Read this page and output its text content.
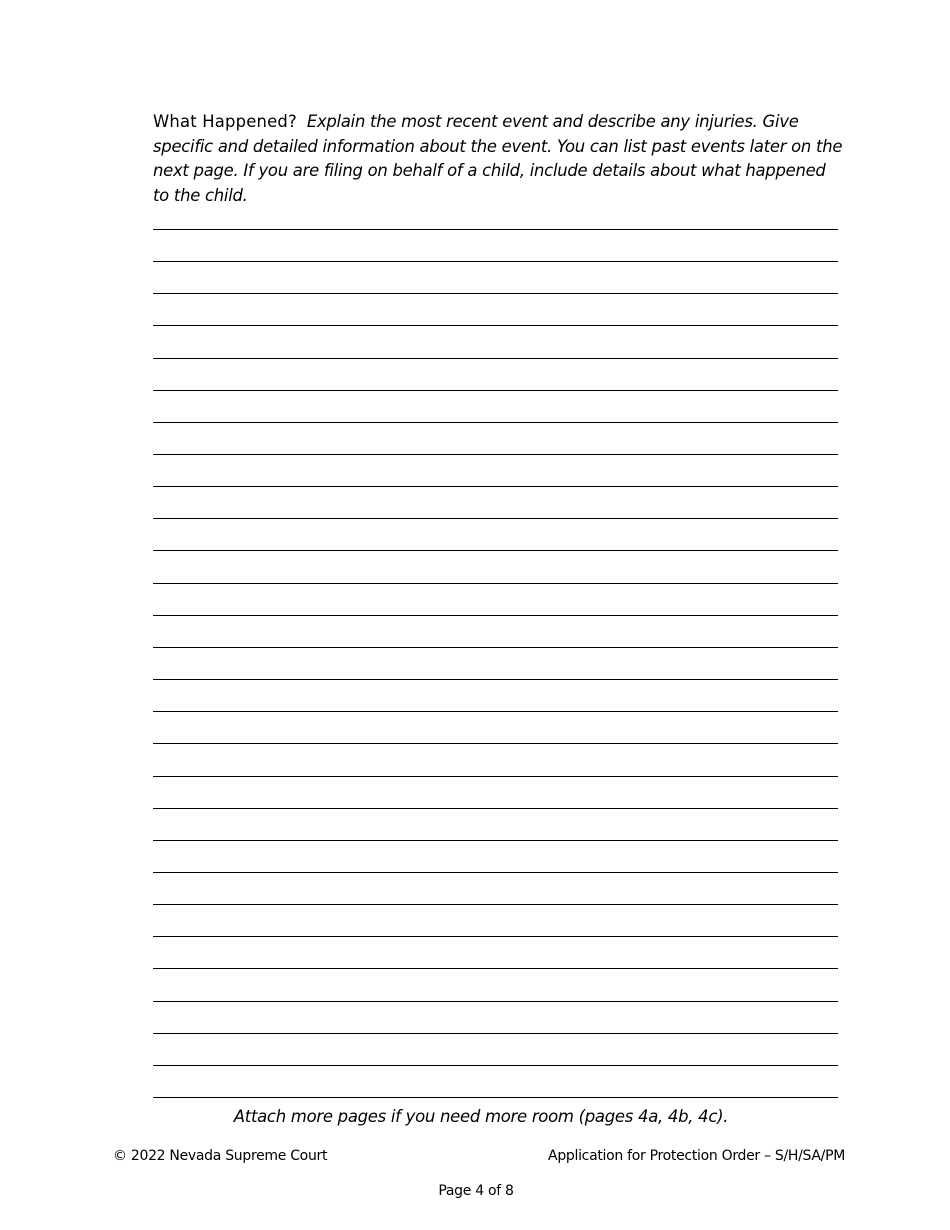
What Happened? Explain the most recent event and describe any injuries. Give specific and detailed information about the event. You can list past events later on the next page. If you are filing on behalf of a child, include details about what happened to the child.
Attach more pages if you need more room (pages 4a, 4b, 4c).
© 2022 Nevada Supreme Court	Application for Protection Order – S/H/SA/PM
Page 4 of 8
